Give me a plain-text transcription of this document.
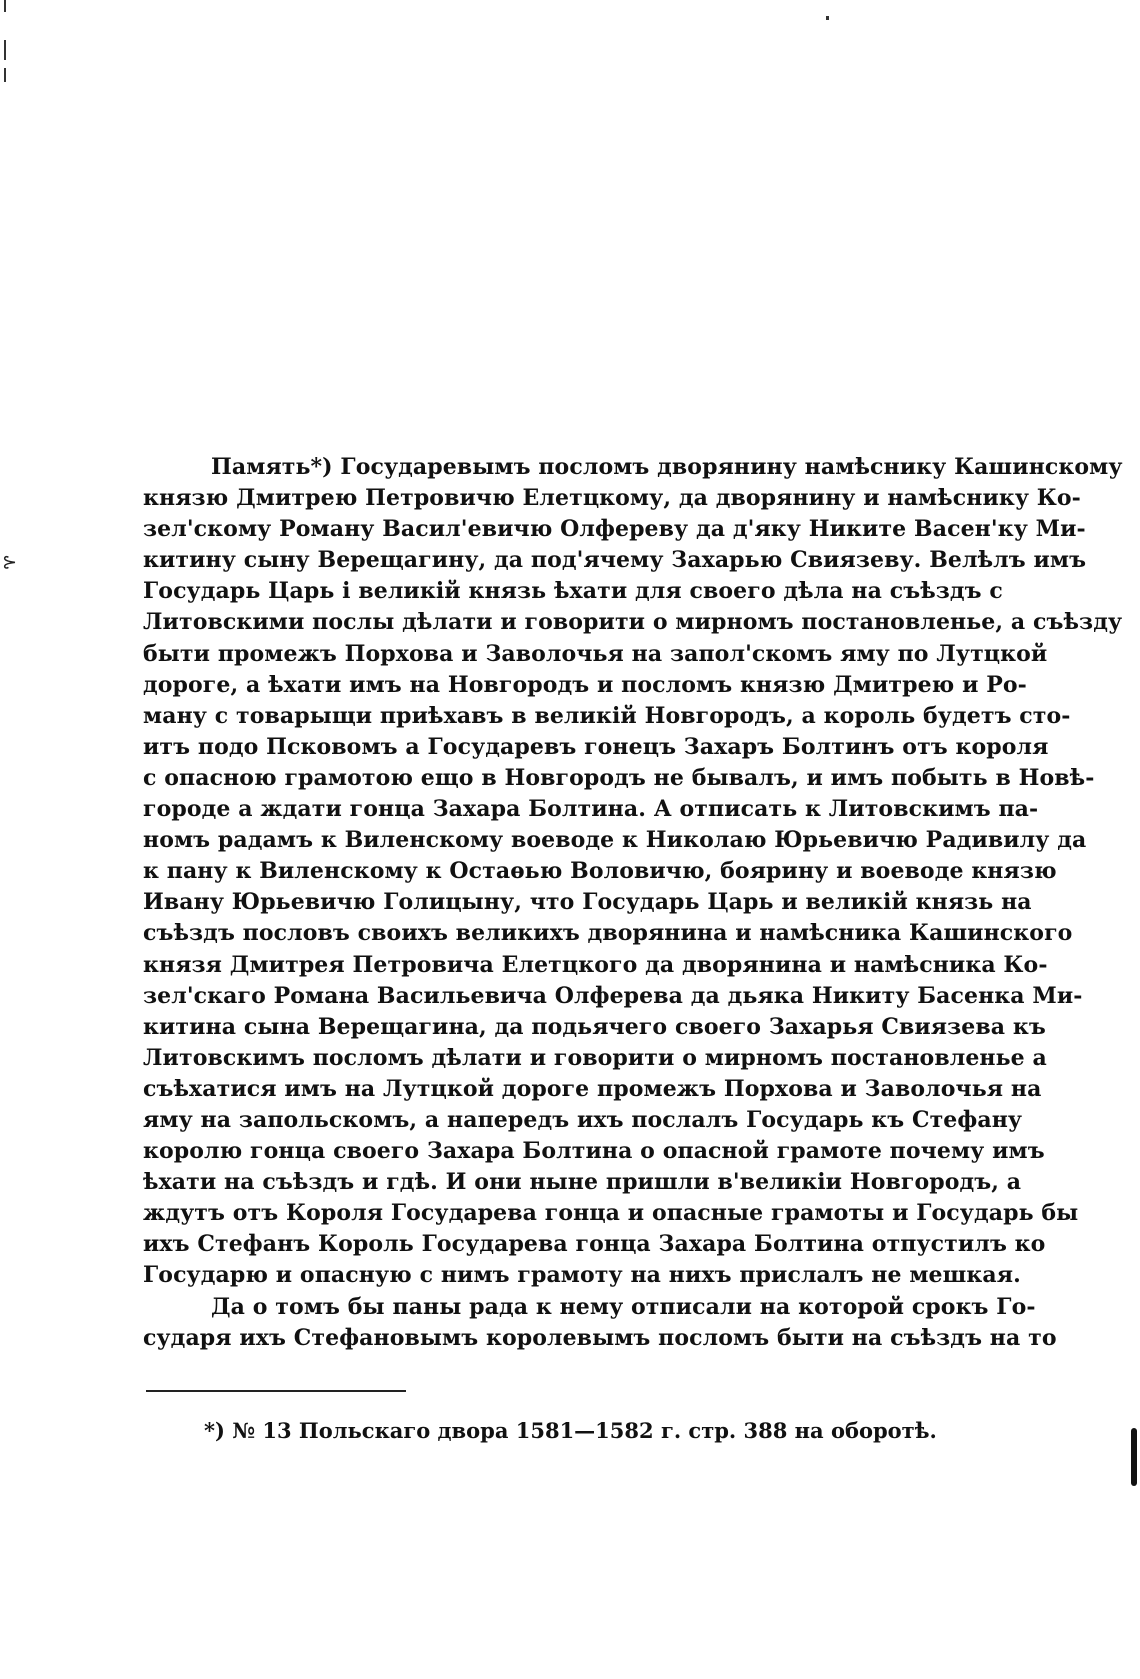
⊱
Память*) Государевымъ посломъ дворянину намѣснику Кашинскому
князю Дмитрею Петровичю Елетцкому, да дворянину и намѣснику Ко-
зел'скому Роману Васил'евичю Олферeву да д'яку Никите Васен'ку Ми-
китину сыну Верещагину, да под'ячему Захарью Свиязеву. Велѣлъ имъ
Государь Царь і великій князь ѣхати для своего дѣла на съѣздъ с
Литовскими послы дѣлати и говорити о мирномъ постановленье, а съѣзду
быти промежъ Порхова и Заволочья на запол'скомъ яму по Лутцкой
дороге, а ѣхати имъ на Новгородъ и посломъ князю Дмитрею и Ро-
ману с товарыщи приѣхавъ в великій Новгородъ, а король будетъ сто-
итъ подо Псковомъ а Государевъ гонецъ Захаръ Болтинъ отъ короля
с опасною грамотою ещо в Новгородъ не бывалъ, и имъ побыть в Новѣ-
городе а ждати гонца Захара Болтина. А отписать к Литовскимъ па-
номъ радамъ к Виленскому воеводе к Николаю Юрьевичю Радивилу да
к пану к Виленскому к Остаѳью Воловичю, боярину и воеводе князю
Ивану Юрьевичю Голицыну, что Государь Царь и великій князь на
съѣздъ пословъ своихъ великихъ дворянина и намѣсника Кашинского
князя Дмитрея Петровича Елетцкого да дворянина и намѣсника Ко-
зел'скаго Романа Васильевича Олферева да дьяка Никиту Басенка Ми-
китина сына Верещагина, да подьячего своего Захарья Свиязева къ
Литовскимъ посломъ дѣлати и говорити о мирномъ постановленье а
съѣхатися имъ на Лутцкой дороге промежъ Порхова и Заволочья на
яму на запольскомъ, а напередъ ихъ послалъ Государь къ Стефану
королю гонца своего Захара Болтина о опасной грамоте почему имъ
ѣхати на съѣздъ и гдѣ. И они ныне пришли в'великіи Новгородъ, а
ждутъ отъ Короля Государева гонца и опасные грамоты и Государь бы
ихъ Стефанъ Король Государева гонца Захара Болтина отпустилъ ко
Государю и опасную с нимъ грамоту на нихъ прислалъ не мешкая.
Да о томъ бы паны рада к нему отписали на которой срокъ Го-
сударя ихъ Стефановымъ королевымъ посломъ быти на съѣздъ на то
*) № 13 Польскаго двора 1581—1582 г. стр. 388 на оборотѣ.
